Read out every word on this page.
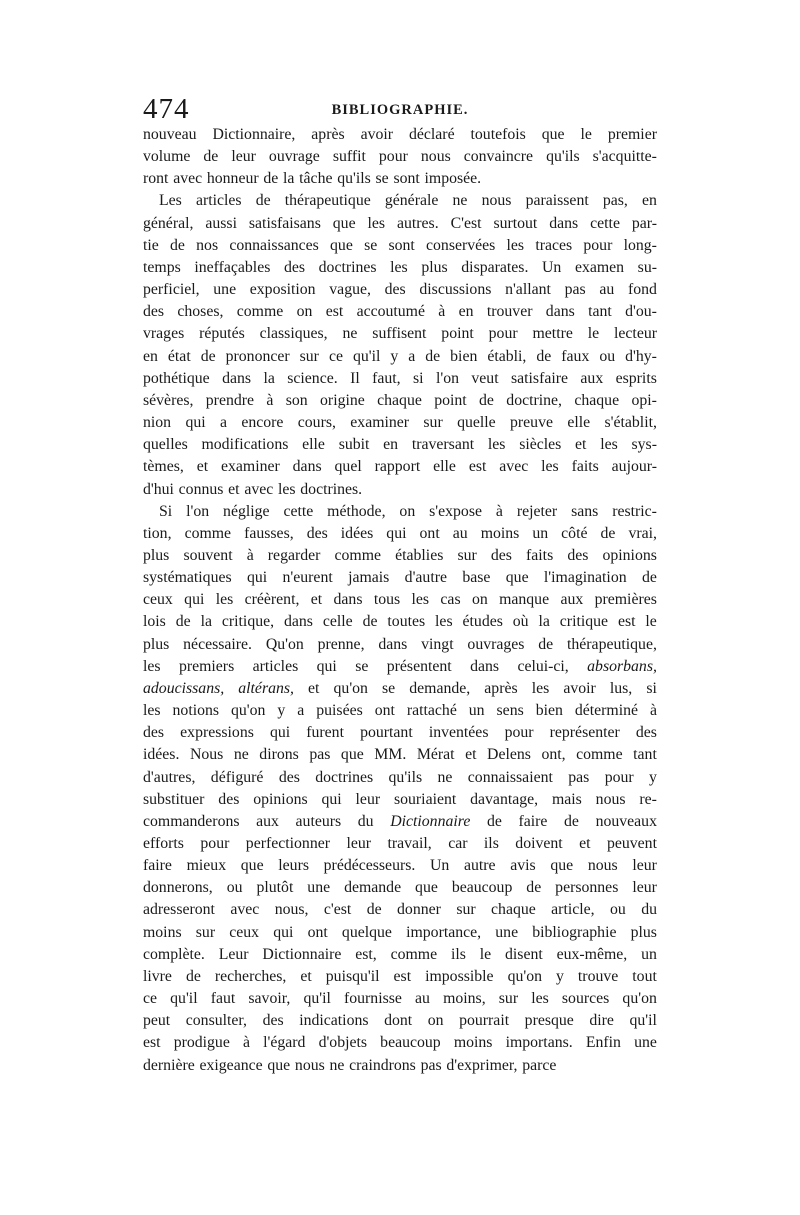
474	BIBLIOGRAPHIE.
nouveau Dictionnaire, après avoir déclaré toutefois que le premier
volume de leur ouvrage suffit pour nous convaincre qu'ils s'acquitte-
ront avec honneur de la tâche qu'ils se sont imposée.
Les articles de thérapeutique générale ne nous paraissent pas, en
général, aussi satisfaisans que les autres. C'est surtout dans cette par-
tie de nos connaissances que se sont conservées les traces pour long-
temps ineffaçables des doctrines les plus disparates. Un examen su-
perficiel, une exposition vague, des discussions n'allant pas au fond
des choses, comme on est accoutumé à en trouver dans tant d'ou-
vrages réputés classiques, ne suffisent point pour mettre le lecteur
en état de prononcer sur ce qu'il y a de bien établi, de faux ou d'hy-
pothétique dans la science. Il faut, si l'on veut satisfaire aux esprits
sévères, prendre à son origine chaque point de doctrine, chaque opi-
nion qui a encore cours, examiner sur quelle preuve elle s'établit,
quelles modifications elle subit en traversant les siècles et les sys-
tèmes, et examiner dans quel rapport elle est avec les faits aujour-
d'hui connus et avec les doctrines.
Si l'on néglige cette méthode, on s'expose à rejeter sans restric-
tion, comme fausses, des idées qui ont au moins un côté de vrai,
plus souvent à regarder comme établies sur des faits des opinions
systématiques qui n'eurent jamais d'autre base que l'imagination de
ceux qui les créèrent, et dans tous les cas on manque aux premières
lois de la critique, dans celle de toutes les études où la critique est le
plus nécessaire. Qu'on prenne, dans vingt ouvrages de thérapeutique,
les premiers articles qui se présentent dans celui-ci, absorbans,
adoucissans, altérans, et qu'on se demande, après les avoir lus, si
les notions qu'on y a puisées ont rattaché un sens bien déterminé à
des expressions qui furent pourtant inventées pour représenter des
idées. Nous ne dirons pas que MM. Mérat et Delens ont, comme tant
d'autres, défiguré des doctrines qu'ils ne connaissaient pas pour y
substituer des opinions qui leur souriaient davantage, mais nous re-
commanderons aux auteurs du Dictionnaire de faire de nouveaux
efforts pour perfectionner leur travail, car ils doivent et peuvent
faire mieux que leurs prédécesseurs. Un autre avis que nous leur
donnerons, ou plutôt une demande que beaucoup de personnes leur
adresseront avec nous, c'est de donner sur chaque article, ou du
moins sur ceux qui ont quelque importance, une bibliographie plus
complète. Leur Dictionnaire est, comme ils le disent eux-même, un
livre de recherches, et puisqu'il est impossible qu'on y trouve tout
ce qu'il faut savoir, qu'il fournisse au moins, sur les sources qu'on
peut consulter, des indications dont on pourrait presque dire qu'il
est prodigue à l'égard d'objets beaucoup moins importans. Enfin une
dernière exigeance que nous ne craindrons pas d'exprimer, parce
